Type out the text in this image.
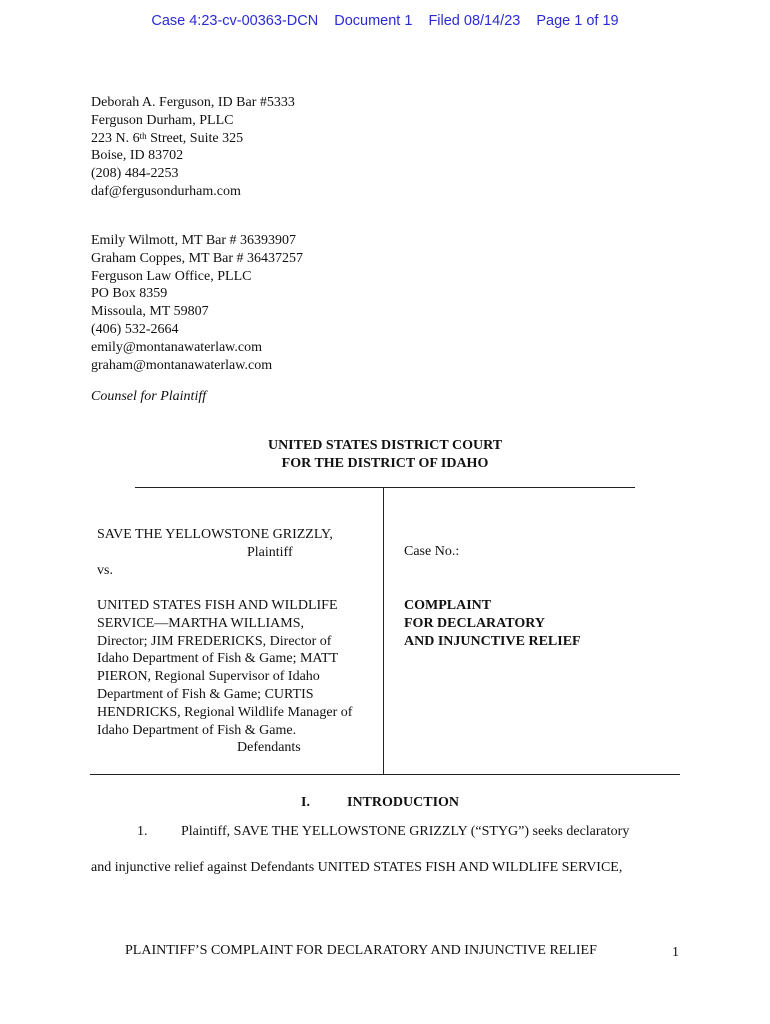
Case 4:23-cv-00363-DCN Document 1 Filed 08/14/23 Page 1 of 19
Deborah A. Ferguson, ID Bar #5333
Ferguson Durham, PLLC
223 N. 6th Street, Suite 325
Boise, ID 83702
(208) 484-2253
daf@fergusondurham.com
Emily Wilmott, MT Bar # 36393907
Graham Coppes, MT Bar # 36437257
Ferguson Law Office, PLLC
PO Box 8359
Missoula, MT 59807
(406) 532-2664
emily@montanawaterlaw.com
graham@montanawaterlaw.com
Counsel for Plaintiff
UNITED STATES DISTRICT COURT
FOR THE DISTRICT OF IDAHO
SAVE THE YELLOWSTONE GRIZZLY,
Plaintiff
vs.
UNITED STATES FISH AND WILDLIFE
SERVICE—MARTHA WILLIAMS,
Director; JIM FREDERICKS, Director of
Idaho Department of Fish & Game; MATT
PIERON, Regional Supervisor of Idaho
Department of Fish & Game; CURTIS
HENDRICKS, Regional Wildlife Manager of
Idaho Department of Fish & Game.
Defendants
Case No.:
COMPLAINT
FOR DECLARATORY
AND INJUNCTIVE RELIEF
I.	INTRODUCTION
1. Plaintiff, SAVE THE YELLOWSTONE GRIZZLY (“STYG”) seeks declaratory
and injunctive relief against Defendants UNITED STATES FISH AND WILDLIFE SERVICE,
PLAINTIFF’S COMPLAINT FOR DECLARATORY AND INJUNCTIVE RELIEF	1
